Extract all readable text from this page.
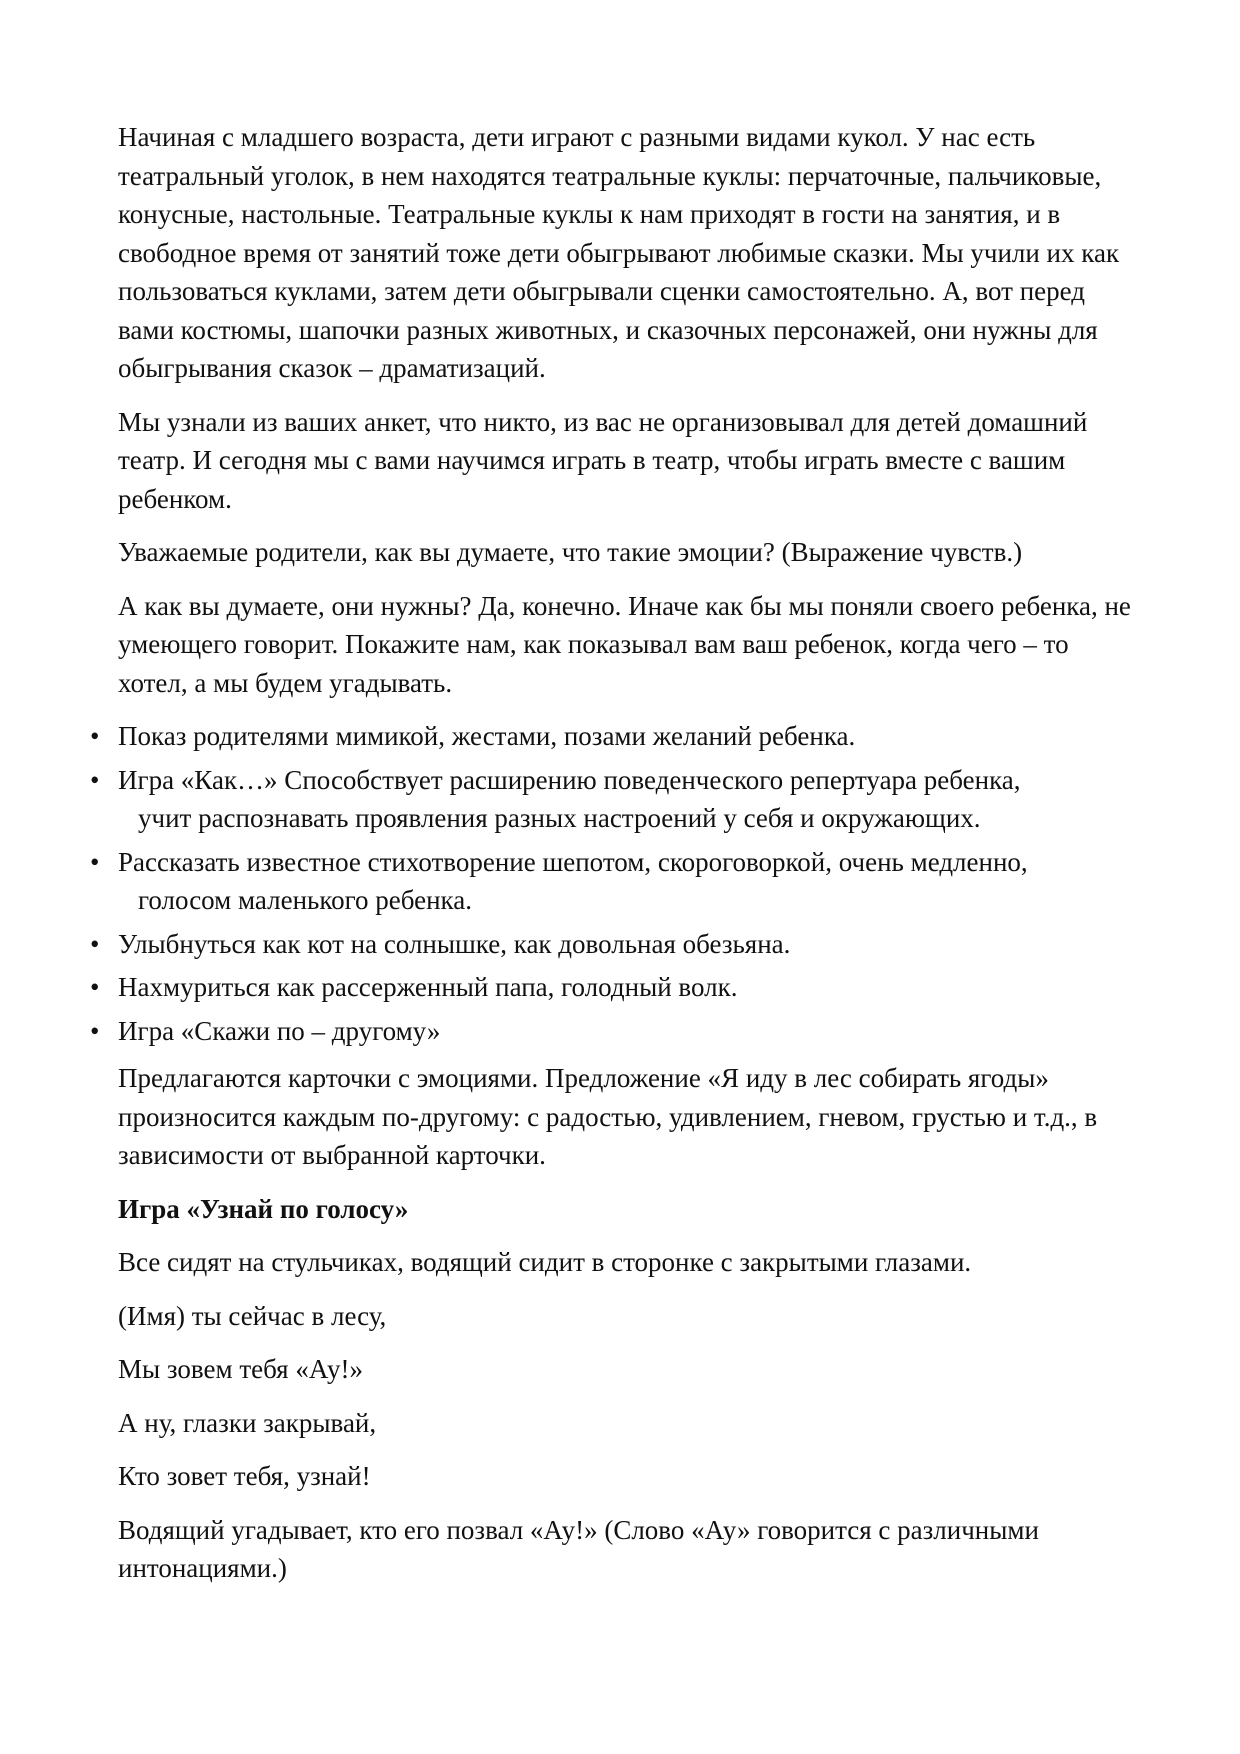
Начиная с младшего возраста, дети играют с разными видами кукол. У нас есть театральный уголок, в нем находятся театральные куклы: перчаточные, пальчиковые, конусные, настольные. Театральные куклы к нам приходят в гости на занятия, и в свободное время от занятий тоже дети обыгрывают любимые сказки. Мы учили их как пользоваться куклами, затем дети обыгрывали сценки самостоятельно. А, вот перед вами костюмы, шапочки разных животных, и сказочных персонажей, они нужны для обыгрывания сказок – драматизаций.

Мы узнали из ваших анкет, что никто, из вас не организовывал для детей домашний театр. И сегодня мы с вами научимся играть в театр, чтобы играть вместе с вашим ребенком.

Уважаемые родители, как вы думаете, что такие эмоции? (Выражение чувств.)

А как вы думаете, они нужны? Да, конечно. Иначе как бы мы поняли своего ребенка, не умеющего говорит. Покажите нам, как показывал вам ваш ребенок, когда чего – то хотел, а мы будем угадывать.

• Показ родителями мимикой, жестами, позами желаний ребенка.
• Игра «Как…» Способствует расширению поведенческого репертуара ребенка,
учит распознавать проявления разных настроений у себя и окружающих.
• Рассказать известное стихотворение шепотом, скороговоркой, очень медленно,
голосом маленького ребенка.
• Улыбнуться как кот на солнышке, как довольная обезьяна.
• Нахмуриться как рассерженный папа, голодный волк.
• Игра «Скажи по – другому»

Предлагаются карточки с эмоциями. Предложение «Я иду в лес собирать ягоды» произносится каждым по-другому: с радостью, удивлением, гневом, грустью и т.д., в зависимости от выбранной карточки.

Игра «Узнай по голосу»

Все сидят на стульчиках, водящий сидит в сторонке с закрытыми глазами.

(Имя) ты сейчас в лесу,

Мы зовем тебя «Ау!»

А ну, глазки закрывай,

Кто зовет тебя, узнай!

Водящий угадывает, кто его позвал «Ау!» (Слово «Ау» говорится с различными интонациями.)
